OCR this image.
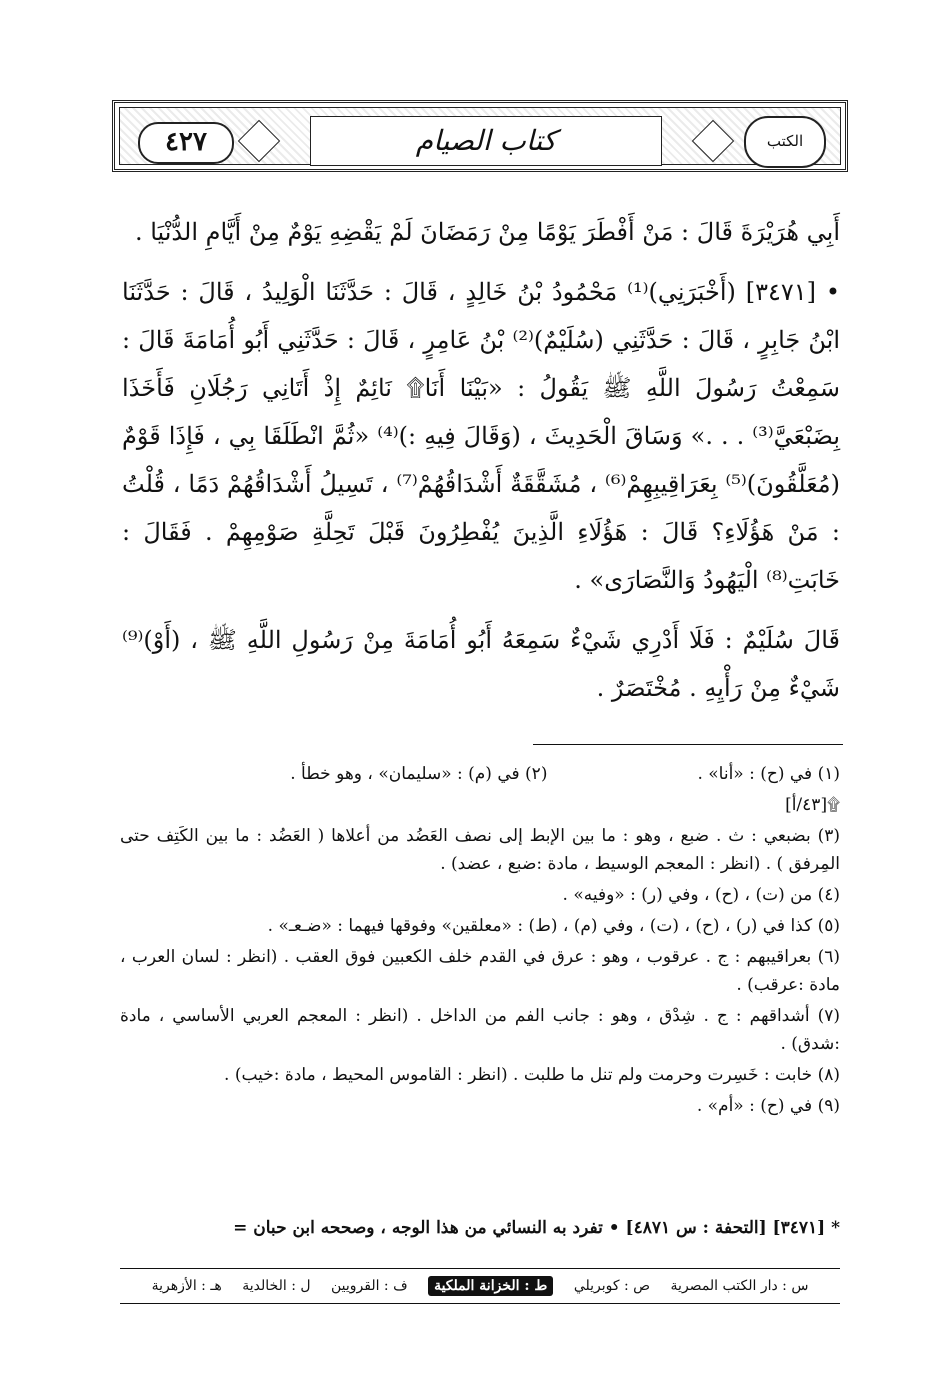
٤٢٧	كتاب الصيام	الكتب

أَبِي هُرَيْرَةَ قَالَ : مَنْ أَفْطَرَ يَوْمًا مِنْ رَمَضَانَ لَمْ يَقْضِهِ يَوْمٌ مِنْ أَيَّامِ الدُّنْيَا .

• [٣٤٧١] (أَخْبَرَنِي)⁽¹⁾ مَحْمُودُ بْنُ خَالِدٍ ، قَالَ : حَدَّثَنَا الْوَلِيدُ ، قَالَ : حَدَّثَنَا ابْنُ جَابِرٍ ، قَالَ : حَدَّثَنِي (سُلَيْمٌ)⁽²⁾ بْنُ عَامِرٍ ، قَالَ : حَدَّثَنِي أَبُو أُمَامَةَ قَالَ : سَمِعْتُ رَسُولَ اللَّهِ ﷺ يَقُولُ : «بَيْنَا أَنَا۩ نَائِمٌ إِذْ أَتَانِي رَجُلَانِ فَأَخَذَا بِضَبْعَيَّ⁽³⁾ . . .» وَسَاقَ الْحَدِيثَ ، (وَقَالَ فِيهِ :)⁽⁴⁾ «ثُمَّ انْطَلَقَا بِي ، فَإِذَا قَوْمٌ (مُعَلَّقُونَ)⁽⁵⁾ بِعَرَاقِيبِهِمْ⁽⁶⁾ ، مُشَقَّقَةٌ أَشْدَاقُهُمْ⁽⁷⁾ ، تَسِيلُ أَشْدَاقُهُمْ دَمًا ، قُلْتُ : مَنْ هَؤُلَاءِ؟ قَالَ : هَؤُلَاءِ الَّذِينَ يُفْطِرُونَ قَبْلَ تَحِلَّةِ صَوْمِهِمْ . فَقَالَ : خَابَتِ⁽⁸⁾ الْيَهُودُ وَالنَّصَارَى» .

قَالَ سُلَيْمٌ : فَلَا أَدْرِي شَيْءٌ سَمِعَهُ أَبُو أُمَامَةَ مِنْ رَسُولِ اللَّهِ ﷺ ، (أَوْ)⁽⁹⁾ شَيْءٌ مِنْ رَأْيِهِ . مُخْتَصَرٌ .

(١) في (ح) : «أنا» .

(٢) في (م) : «سليمان» ، وهو خطأ .

۩[٤٣/أ]

(٣) بضبعي : ث . ضبع ، وهو : ما بين الإبط إلى نصف العَضُد من أعلاها ( العَضُد : ما بين الكَتِف حتى المِرفق ) . (انظر : المعجم الوسيط ، مادة :ضبع ، عضد) .

(٤) من (ت) ، (ح) ، وفي (ر) : «وفيه» .

(٥) كذا في (ر) ، (ح) ، (ت) ، وفي (م) ، (ط) : «معلقين» وفوقها فيهما : «ضـعـ» .

(٦) بعراقيبهم : ج . عرقوب ، وهو : عرق في القدم خلف الكعبين فوق العقب . (انظر : لسان العرب ، مادة :عرقب) .

(٧) أشداقهم : ج . شِدْق ، وهو : جانب الفم من الداخل . (انظر : المعجم العربي الأساسي ، مادة :شدق) .

(٨) خابت : خَسِرت وحرمت ولم تنل ما طلبت . (انظر : القاموس المحيط ، مادة :خيب) .

(٩) في (ح) : «أم» .

* [٣٤٧١] [التحفة : س ٤٨٧١] • تفرد به النسائي من هذا الوجه ، وصححه ابن حبان =
س : دار الكتب المصرية ص : كوبريلي ط : الخزانة الملكية ف : القرويين ل : الخالدية هـ : الأزهرية
